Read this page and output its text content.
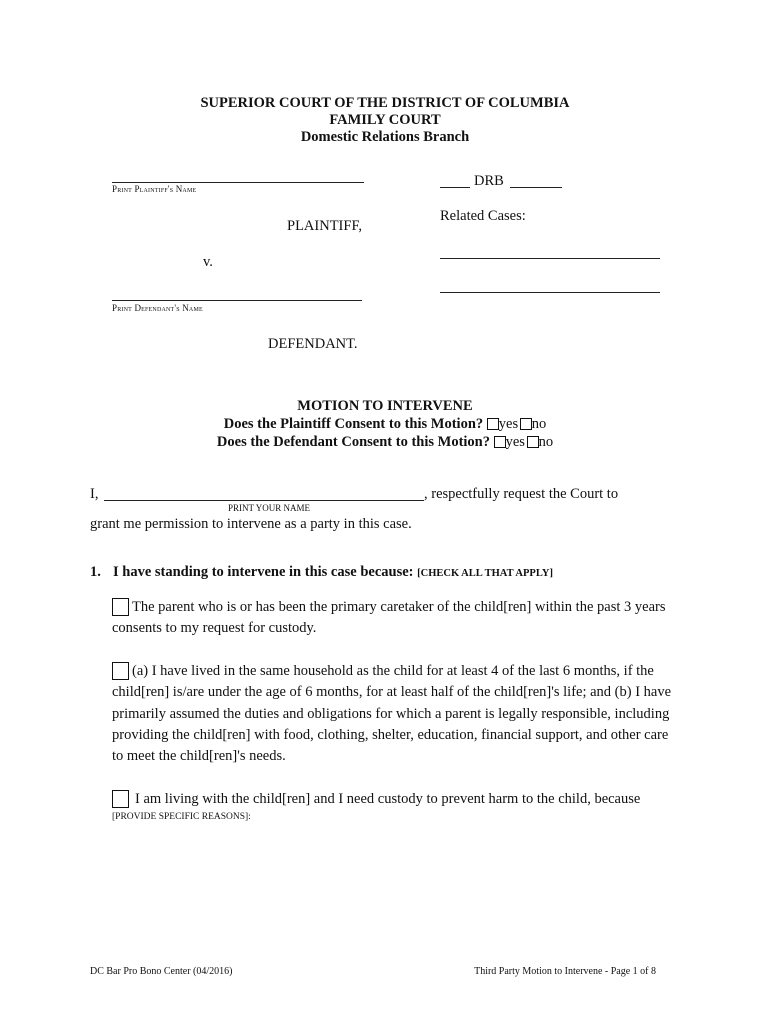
SUPERIOR COURT OF THE DISTRICT OF COLUMBIA
FAMILY COURT
Domestic Relations Branch
Print Plaintiff's Name
PLAINTIFF,
v.
Print Defendant's Name
DEFENDANT.
DRB
Related Cases:
MOTION TO INTERVENE
Does the Plaintiff Consent to this Motion? yes no
Does the Defendant Consent to this Motion? yes no
I,	, respectfully request the Court to
PRINT YOUR NAME
grant me permission to intervene as a party in this case.
1. I have standing to intervene in this case because: [CHECK ALL THAT APPLY]
The parent who is or has been the primary caretaker of the child[ren] within the past 3 years consents to my request for custody.
(a) I have lived in the same household as the child for at least 4 of the last 6 months, if the child[ren] is/are under the age of 6 months, for at least half of the child[ren]'s life; and (b) I have primarily assumed the duties and obligations for which a parent is legally responsible, including providing the child[ren] with food, clothing, shelter, education, financial support, and other care to meet the child[ren]'s needs.
I am living with the child[ren] and I need custody to prevent harm to the child, because
[PROVIDE SPECIFIC REASONS]:
DC Bar Pro Bono Center (04/2016)	Third Party Motion to Intervene - Page 1 of 8
